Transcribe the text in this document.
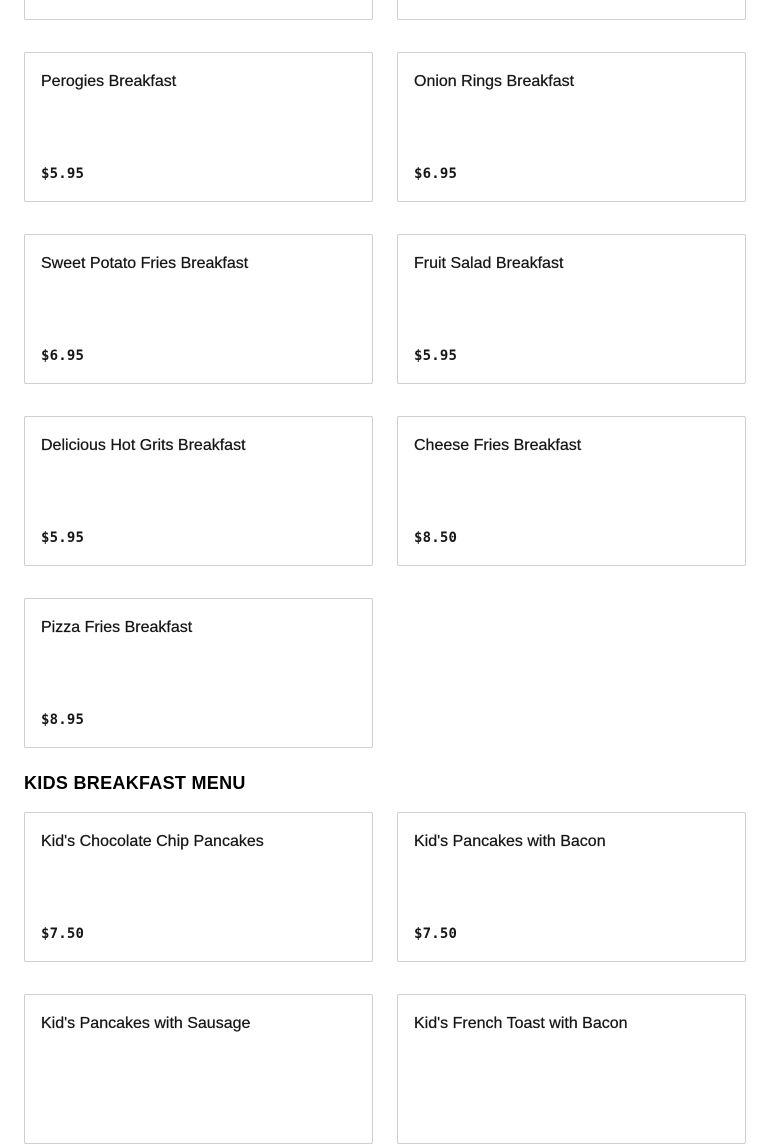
Perogies Breakfast
$5.95
Onion Rings Breakfast
$6.95
Sweet Potato Fries Breakfast
$6.95
Fruit Salad Breakfast
$5.95
Delicious Hot Grits Breakfast
$5.95
Cheese Fries Breakfast
$8.50
Pizza Fries Breakfast
$8.95
KIDS BREAKFAST MENU
Kid's Chocolate Chip Pancakes
$7.50
Kid's Pancakes with Bacon
$7.50
Kid's Pancakes with Sausage	Kid's French Toast with Bacon
